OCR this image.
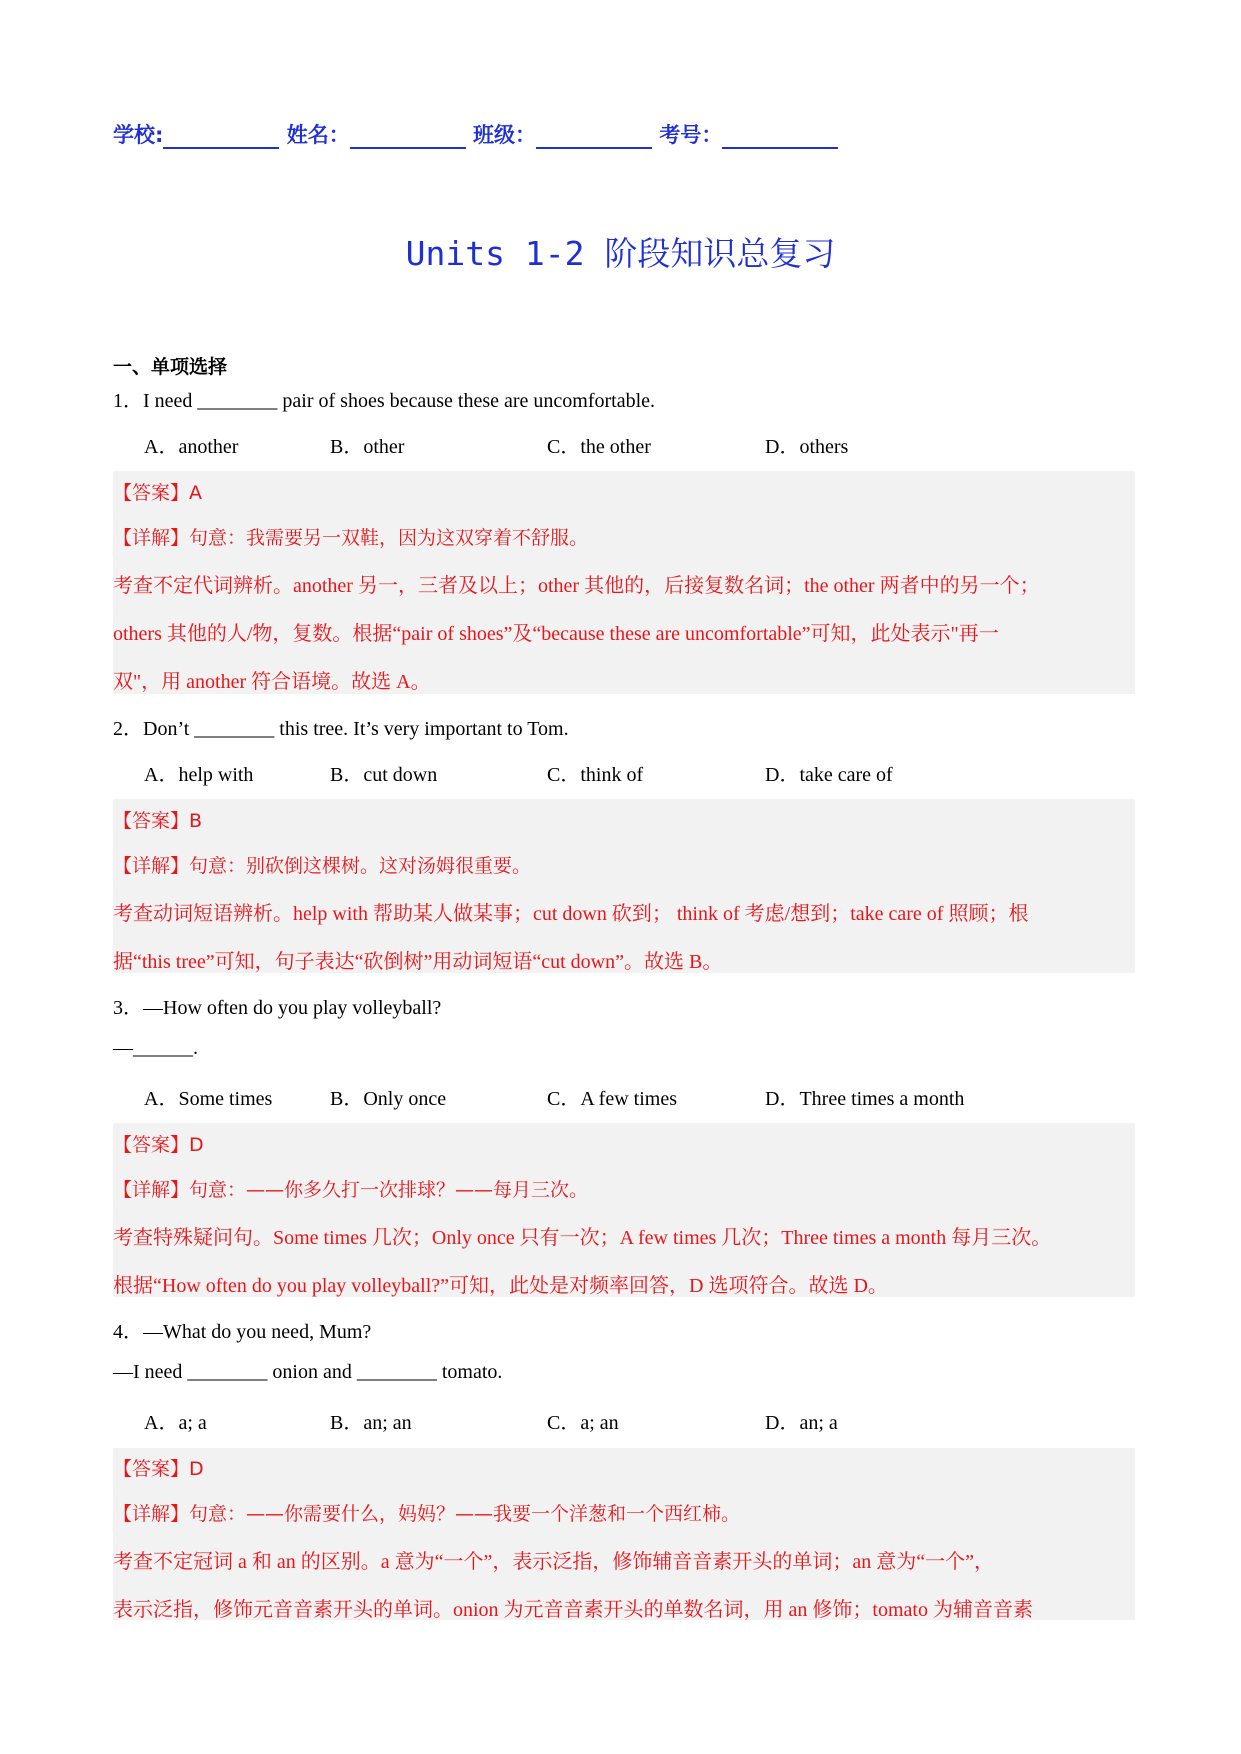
学校:	姓名：	班级：	考号：
Units 1-2 阶段知识总复习
一、单项选择
1．I need ________ pair of shoes because these are uncomfortable.
A．another	B．other	C．the other	D．others
【答案】A
【详解】句意：我需要另一双鞋，因为这双穿着不舒服。
考查不定代词辨析。another 另一，三者及以上；other 其他的，后接复数名词；the other 两者中的另一个；
others 其他的人/物，复数。根据“pair of shoes”及“because these are uncomfortable”可知，此处表示"再一
双"，用 another 符合语境。故选 A。
2．Don’t ________ this tree. It’s very important to Tom.
A．help with	B．cut down	C．think of	D．take care of
【答案】B
【详解】句意：别砍倒这棵树。这对汤姆很重要。
考查动词短语辨析。help with 帮助某人做某事；cut down 砍到； think of 考虑/想到；take care of 照顾；根
据“this tree”可知，句子表达“砍倒树”用动词短语“cut down”。故选 B。
3．—How often do you play volleyball?
—______.
A．Some times	B．Only once	C．A few times	D．Three times a month
【答案】D
【详解】句意：——你多久打一次排球？——每月三次。
考查特殊疑问句。Some times 几次；Only once 只有一次；A few times 几次；Three times a month 每月三次。
根据“How often do you play volleyball?”可知，此处是对频率回答，D 选项符合。故选 D。
4．—What do you need, Mum?
—I need ________ onion and ________ tomato.
A．a; a	B．an; an	C．a; an	D．an; a
【答案】D
【详解】句意：——你需要什么，妈妈？——我要一个洋葱和一个西红柿。
考查不定冠词 a 和 an 的区别。a 意为“一个”，表示泛指，修饰辅音音素开头的单词；an 意为“一个”，
表示泛指，修饰元音音素开头的单词。onion 为元音音素开头的单数名词，用 an 修饰；tomato 为辅音音素
